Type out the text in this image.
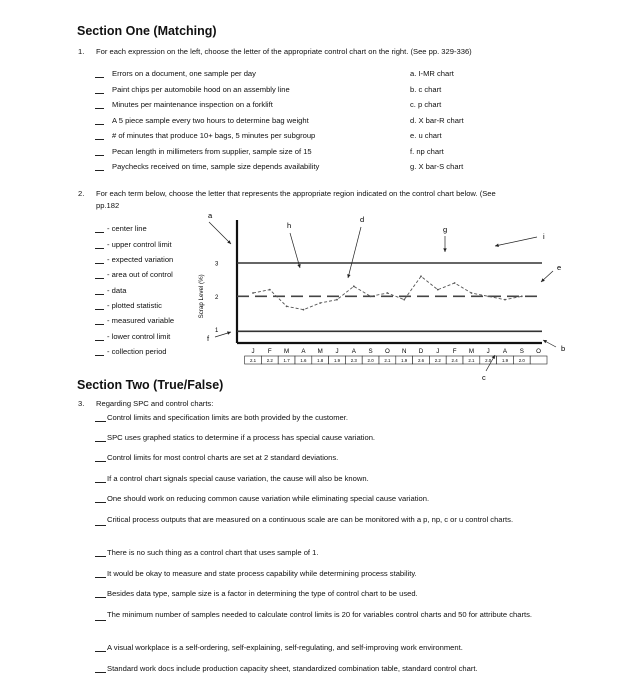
Section One (Matching)
1. For each expression on the left, choose the letter of the appropriate control chart on the right. (See pp. 329-336)
Errors on a document, one sample per day
Paint chips per automobile hood on an assembly line
Minutes per maintenance inspection on a forklift
A 5 piece sample every two hours to determine bag weight
# of minutes that produce 10+ bags, 5 minutes per subgroup
Pecan length in millimeters from supplier, sample size of 15
Paychecks received on time, sample size depends availability
a. I-MR chart
b. c chart
c. p chart
d. X bar-R chart
e. u chart
f. np chart
g. X bar-S chart
2. For each term below, choose the letter that represents the appropriate region indicated on the control chart below. (See
pp.182
- center line
- upper control limit
- expected variation
- area out of control
- data
- plotted statistic
- measured variable
- lower control limit
- collection period
1
2
3
Scrap Level (%)
J F M A M J A S O N D J F M J A S O
2.1 2.2 1.7 1.6 1.8 1.9 2.3 2.0 2.1 1.9 2.6 2.2 2.4 2.1 2.0 1.9 2.0
a
h
d
g
i
e
f
b
c
Section Two (True/False)
3. Regarding SPC and control charts:
Control limits and specification limits are both provided by the customer.
SPC uses graphed statics to determine if a process has special cause variation.
Control limits for most control charts are set at 2 standard deviations.
If a control chart signals special cause variation, the cause will also be known.
One should work on reducing common cause variation while eliminating special cause variation.
Critical process outputs that are measured on a continuous scale are can be monitored with a p, np, c or u control charts.
There is no such thing as a control chart that uses sample of 1.
It would be okay to measure and state process capability while determining process stability.
Besides data type, sample size is a factor in determining the type of control chart to be used.
The minimum number of samples needed to calculate control limits is 20 for variables control charts and 50 for attribute charts.
A visual workplace is a self-ordering, self-explaining, self-regulating, and self-improving work environment.
Standard work docs include production capacity sheet, standardized combination table, standard control chart.
